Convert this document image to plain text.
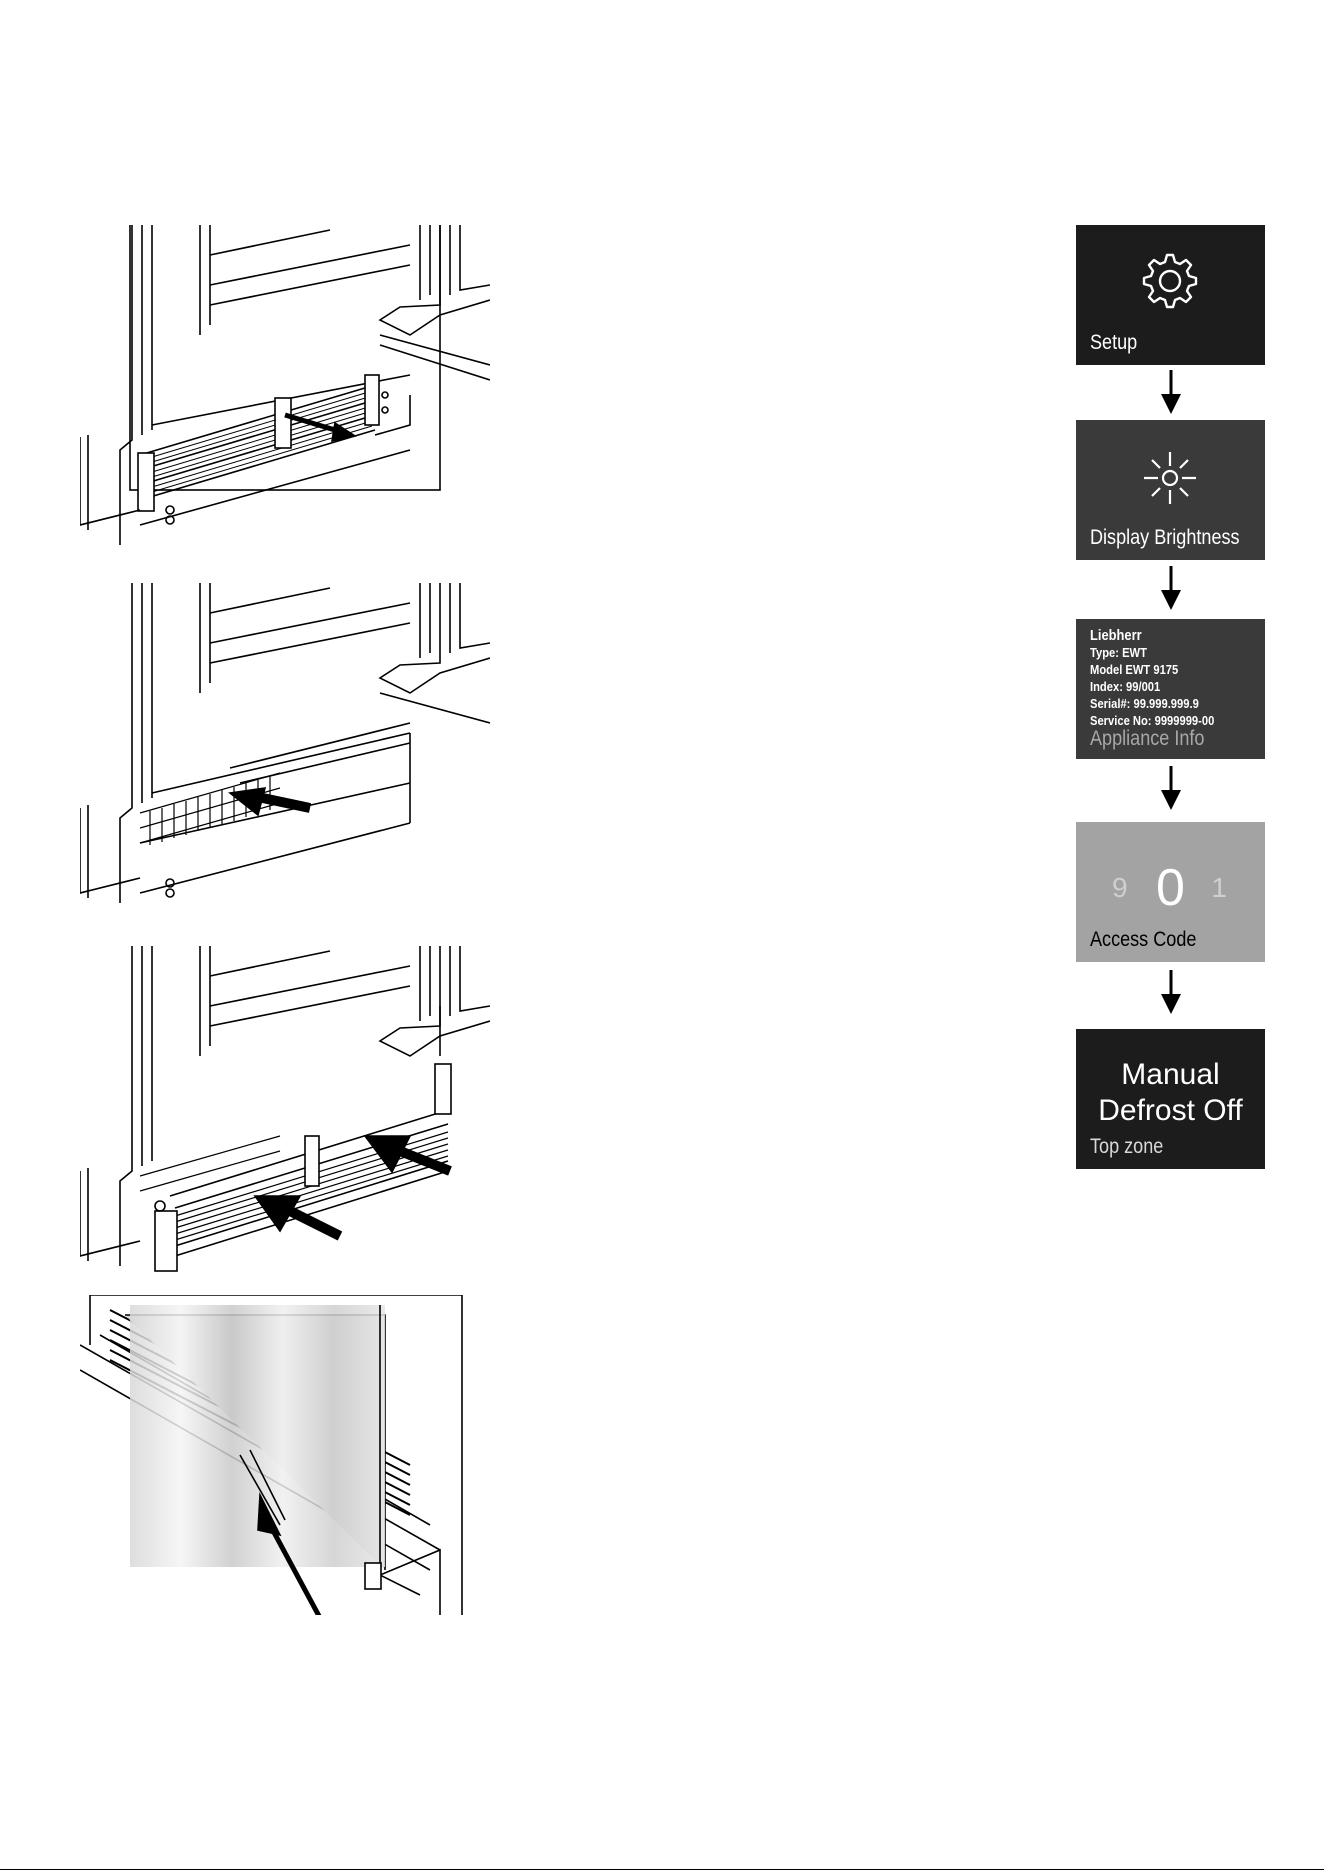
Setup
Display Brightness
Liebherr
Type: EWT
Model EWT 9175
Index: 99/001
Serial#: 99.999.999.9
Service No: 9999999-00
Appliance Info
9 0 1
Access Code
Manual
Defrost Off
Top zone
